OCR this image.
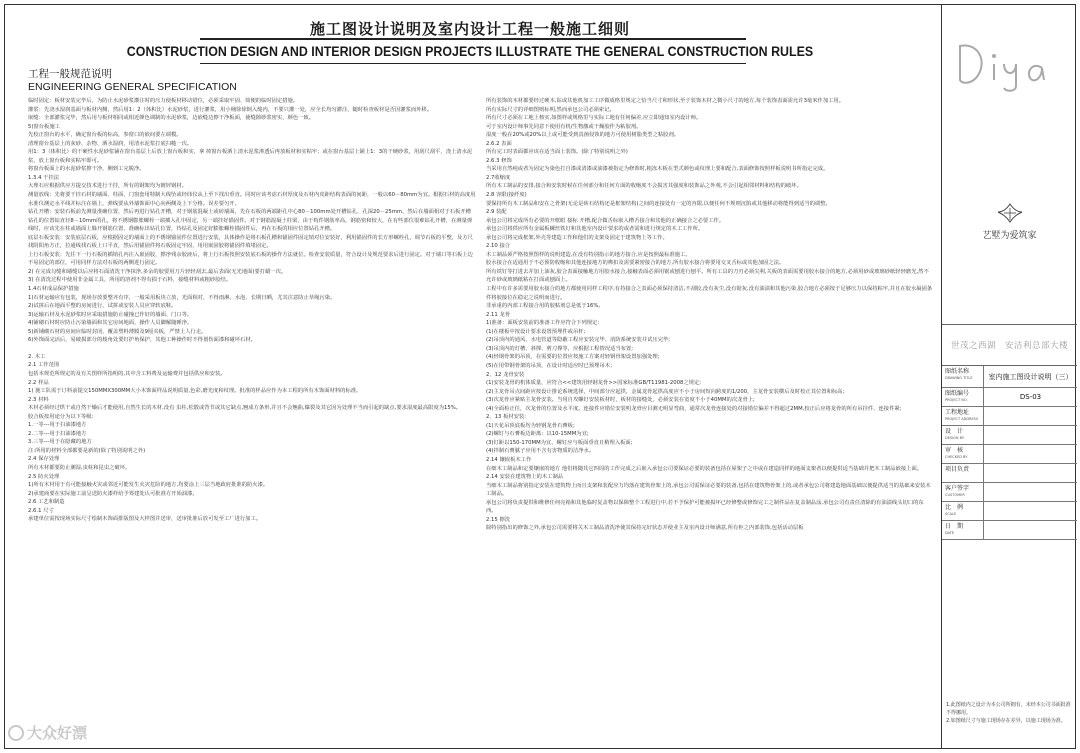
施工图设计说明及室内设计工程一般施工细则
CONSTRUCTION DESIGN AND INTERIOR DESIGN PROJECTS ILLUSTRATE THE GENERAL CONSTRUCTION RULES
工程一般规范说明
ENGINEERING GENERAL SPECIFICATION
临时固定：板材安装完毕后，为防止水泥砂浆灌注时的压力使板材移动错位，必须采取牢固、简便的临时固定措施。
灌浆：先浇水湿润基面与板材内侧，然后用1：2（体积比）水泥砂浆，进行灌浆，用小桶徐徐倒入缝内，不要只灌一处，应全长均匀灌注，随时检查板材是否因灌浆而外移。
嵌缝：全部灌浆完毕，然后用与板材相同或相近颜色调制的水泥砂浆，边嵌缝边擦干净板面，使缝隙砂浆密实，颜色一致。
5)窗台板施工
先校正窗台的水平，确定窗台板的标高，参窗口的嵌间要左调模。
清理窗台基层上的灰砂、杂物、洒水湿润，用清水泥浆打底扫糙一次。
用1：3（体积比）的干硬性水泥砂浆铺在窗台基层上后放上窗台板和实，拿 掉窗台板洒上清水泥浆渗透后再放板材和实粘牢；或在窗台基层上铺上1：3的干硬砂浆，用刮尺刮平，浇上清水泥浆，放上窗台板和实粘牢即可。
将窗台板面上的水泥砂浆擦干净，侧到工完脱净。
1.3.4 干挂法
大理石应根据供应方提交技术进行干挂，所有的钢架均为镀锌钢材。
测量放线：先将要干挂石材的墙面、柱面、门窗套用特制大线坠或经纬仪从上至下找出垂直。同时应该考虑石材厚度及石材内皮距结构表面的间距，一般以60－80mm为宜。根据石材的高度用水准仪测定水平线并标注在墙上，弹线要从外墙饰面中心向两侧及上下分格。误差要匀开。
钻孔开槽：安装石板前先测量准确位置，然后再进行钻孔开槽，对于钢筋混凝土或砖墙面，先在石板的两端距孔中心80－100mm处开槽钻孔，孔深20－25mm，然后在墙面相对于石板开槽钻孔的位置钻直径8－10mm的孔，将不锈钢膨胀螺栓一端插入孔中固定，另一端挂好锚固件。对于钢筋混凝土柱梁，由于构件钢筋率高，钢筋密和较大，在有些部位很难钻孔开槽，在测量弹线时，应该先在柱或墙面上躲开钢筋位置，准确标出钻孔位置，待钻孔及固定好膨胀螺栓锚固件后，再在石板的相应位置钻孔开槽。
底层石板安装：安装底层石板，应根据固定的墙面上的不锈钢锚固件位置进行安装，具体操作是将石板孔槽和锚固件固定销对位安装好，利用锚固件的长方形螺栓孔，调节石板的平整，及方尺找阴阳角方正，拉通线找石板上口平直，然后用锚固件将石板固定牢固，用用嵌固胶将锚固件填堵固定。
上行石板安装：先往下一行石板的插销孔内注入嵌固胶，擦净残余胶液后，将上行石板按照安装底石板的操作方法就位。检查安装质量，符合设计及规范要求后进行固定。对于墙口等石板上边不易固定的部位，可用同样方法对石板的两侧进行固定。
2) 在完成勾缝和墙缝以后应将石面清洗干净抹净,多余的胶要用刀片轻轻刮去,最后表面(无光地面)要打蜡一次。
3) 在清洗过程中使用非金属工具，所用的溶剂不得有损于石料，接缝材料或粗砂胶结。
1.4石材成品保护措施
1)石材运输应有包装，现场存放要整齐有序，一般采用板块立放，光面相对，不得雨淋、水泡、长期日晒，尤其注意防止草绳污染。
2)试拼后在地面平整的房间进行，试拼或安装人员应穿软底鞋。
3)运输石材及水泥砂浆时应采取措施防止碰撞已作好的墙面、门口等。
4)铺砌石材时应防止污染墙面和其它房间地面，操作人员脚解随睡净。
5)新铺砌石材的房间应临时封闭，覆盖塑料薄膜及9厘夹板，严禁上人行走。
6)外饰面完活后，易破损部分的棱角处要钉护角保护，其他工种操作时不得划伤面漆和碰坏石材。
2. 木工
2.1 工作范围
包括本规范所规定的及有关图样所指明的,其中含工料费及运输费并包括供应和安装。
2.2 样品
1) 施工队需于订料前提交150MMX300MM大小木饰面样品说明质量,色彩,磨光度和纹理。批准的样品应作为本工程的所有木饰面材料的标准。
2.3 材料
木材必须经过烘干或自然干燥后才能使用,自然生长的木材,没有 虫柱,松散或背节或其它缺点,翘成方条形,并且不会翘曲,爆裂及其它因为处理不当而引起的缺点,要求湿度最高限度为15%。
胶合板按用途分为以下等级:
1.一等---用于扫油漆地方
2.二等---用于扫油漆地方
3.三等---用于在隐藏的地方
注:所用的材料全部都要是新的(除了特别说明之外)
2.4 保存处理
所有木材都要防止潮湿,虫蛀和昆虫之破坏。
2.5 防火处理
1)所有木材用于有可能接触火灾或邻近可能发生火灾危险的地方,均要涂上三层当地政府批准的防火漆。
2)承建商要在实际施工前呈送防火漆样给予筹建处认可批准方开始油漆。
2.6 工艺和制造
2.6.1 尺寸
承建单位需按现场实际尺寸绘制木饰面排版图及大样图并送审，送审批准后放可发至工厂进行加工。
所有装饰的木材都要经过硬木,钻或其他机加工工序做成格里规定之恰当尺寸和形状,至于装饰木材之微小尺寸的地方,每个装饰表面需允许3毫米作加工用。
所有实际尺寸的详细图则标明,然而承包公司必须索记。
所有尺寸必须在工地上核实,如图样或规格里与实际工地有任何偏差,应立即通知室内设计师。
可于室内设计师事先同意下使用有机/生物激或干燥胶作为粘胶剂。
湿度一般在20%或20%以上或可能受到真菌侵蚀的地方可使用树脂类型之粘胶剂。
2.6.2 表面
所有完工时表面都应该在适当面上装饰。(除了特别说明之外)
2.6.3 修饰
当采用自然纯或者为固定为染色打自漆或清漆或油漆被指定为修饰时,粗冻木板在型式颜色或纹理上要和配合,表面修饰按照样板说明书所指定完成。
2.7收缩度
所有木工制品的安排,接合和安装时候在任何部分和任何方面的收缩度不会损害其强度和装饰品之外观,不会引起相邻材料和结构的破坏。
2.8 容限(接纤度)
要保持所有木工制品和安在之骨架(无论是砖石结构还是框架结构)之间的连接处有一定的容限,以便任何不规则沉陷或其他移动将能得到适当的调整。
2.9 装配
承包公司将完成所有必要的开框眼 接标 开槽,配合做舌标嵌入槽舌接合和其他的正确接合之必要工作。
承包公司将供应所有金属板螺丝铁钉和其他室内设计要求的或者需和进行规定的木工工作所。
承包公司将完成框架,外壳等建造工作和他们的支架及固定于建筑物上等工作。
2.10 接合
木工制品须严格按照图样的说明建造,在没有特别指示的地方接合,应是按照最标准施工。
胶水接合在适通用于不必预防收缩和其他连接地方的榫扣及需要紧密接合的地方,所有胶水接合将要用交叉舌标或其他加固之法。
所有铁钉等打进去并加上油灰,胶合表面接触地方用胶水接合,接触表面必须用锯或刨进行刨平。所有工具的刀刃必须尖利,关板的表面需要用胶水接合的地方,必须用砂或玻璃砂纸轻轻磨光,然不允许砂或玻璃纸粘在打面或刨面上。
工程中有许多需要用胶水接合的地方都使用同样工程序,有持接合之表面必须保持清洁,不刮胶,没有灰尘,没有锯灰,没有油渍和其他污染,胶合地方必须按于足够压力以保持粘牢,并且在胶水凝固条件将胶接位在稳定之说明而进行。
非承重的内部工程接合用的胶粘剂总是低于16%。
2.11 龙骨
1)准备：面板安装前的准备工作应符合下列规定:
(1)在楼板中按设计要求设置预埋件或吊杆;
(2)吊顶内的通风、水电管道等隐蔽工程应安装完毕、消防系统安装并试压完毕;
(3)吊顶内的灯槽、斜撑、剪刀撑等，应根据工程情况适当布置;
(4)轻钢骨架的吊顶，在需要的位置应按施工方案对轻钢骨架设置加强处理;
(5)在用带钢骨架的吊顶，在设计时适应时已预埋吊木；
2、12 龙骨安装
(1)安装龙骨的机体质量，应符合<<建筑用轻钢龙骨>>国家标准GB/T11981-2008之规定;
(2)主龙骨吊点间距应按设计推论系统选择，中间部分应起拱，金属龙骨起拱高度应不小于房间短向跨度的1/200，主龙骨安装横后及时校正其位置和标高;
(3)次龙骨应紧贴主龙骨安装。当用自攻螺钉安装板材时，板材的接缝处，必须安装在宽度不小于40MM的次龙骨上;
(4)全面检正任，次龙骨的位置及水平度。连接件应错位安装明龙骨应目测无明显弯曲，通常次龙骨连接处的对接错位偏差不得超过2MM,校正后应将龙骨的所有吊挂件、连接件紧;
2、13 板材安装:
(1)天花吊顶底板均为轻钢龙骨石膏板;
(2)螺钉与石膏板边距离：以10-15MM为宜;
(3)钉距以150-170MM为宜，螺钉应与板面垂直且稍埋入板面;
(4)拌制石膏腻子应用不含有害物质的洁净水。
2.14 镶嵌板木工作
在细木工制品和定要镶嵌的地方 他们将随其它四周的工作完成之后嵌入承包公司要保证必要的装备包括在屋架子之中或在建造同样的地面支架者以便提供适当基础并把木工制品嵌接上面。
2.14 安装在建筑物上的木工制品
当细木工制品将别指定安装在建筑物上而且支架和装配应力均落在建筑骨架上的,承包公司需保证必要的装备,包括在建筑物骨架上的,或者承包公司将建造地面基础以便提供适当的基础来安装木工制品。
承包公司将负责提供和维修任何亮箱和其他临时复盖物以保障整个工程进行中,若不予保护可能被损坏已经修整或修饰完工之制件品在复盖制品涂,承包公司有责任清除的有油渍线头切口的东西。
2.15 擦洗
除特别指出的修饰之外,承包公司需要将关木工制品清洗净使其保持完好状态并使业主及室内设计师满意,所有柜之内部装饰,包括活动层板
艺墅为爱筑家
世茂之西湖　安洁利总部大楼
图纸名称
DRAWING TITLE	室内施工图设计说明（三）
图纸编号
PROJECT NO.	DS-03
工程地址
PROJECT ADDRESS
设　计
DESIGN BY
审　核
CHECKED BY
项目负责
客户签字
CUSTOMER
比　例
SCALE
日　期
DATE
1.此图纸内之设计为本公司所拥有，未经本公司书面批准不得挪用。
2.如图纸尺寸与施工现场存在差异，以施工现场为准。
大众好漂
